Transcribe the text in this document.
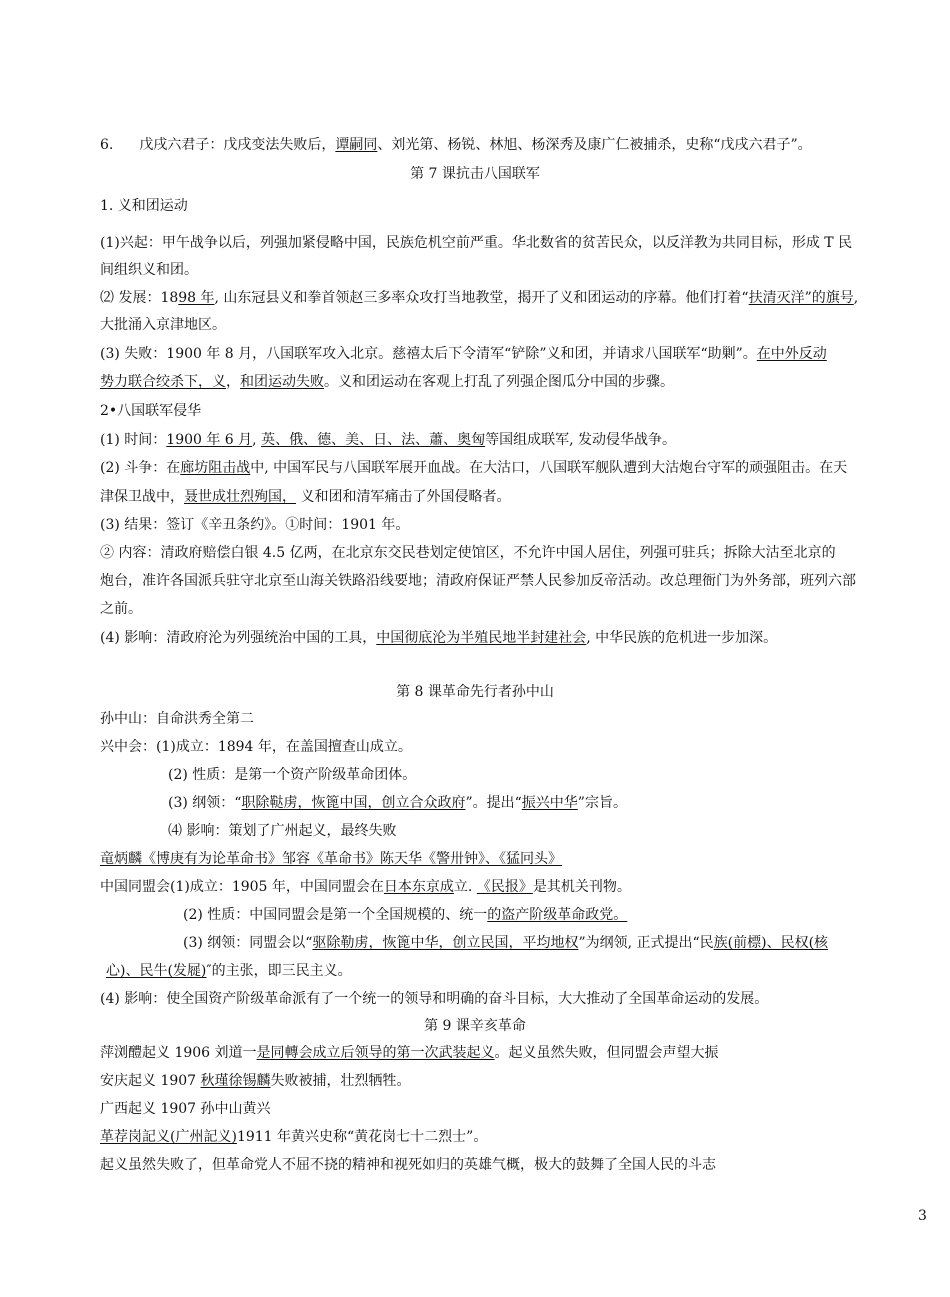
6. 戊戌六君子：戊戌变法失败后，谭嗣同、刘光第、杨锐、林旭、杨深秀及康广仁被捕杀，史称“戊戌六君子”。
第 7 课抗击八国联军
1. 义和团运动
(1)兴起：甲午战争以后，列强加紧侵略中国，民族危机空前严重。华北数省的贫苦民众，以反洋教为共同目标，形成 T 民
间组织义和团。
⑵ 发展：1898 年, 山东冠县义和拳首领赵三多率众攻打当地教堂，揭开了义和团运动的序幕。他们打着“扶清灭洋”的旗号,
大批涌入京津地区。
(3) 失败：1900 年 8 月，八国联军攻入北京。慈禧太后下令清军“铲除”义和团，并请求八国联军“助剿”。在中外反动
势力联合绞杀下，义，和团运动失败。义和团运动在客观上打乱了列强企图瓜分中国的步骤。
2•八国联军侵华
(1) 时间：1900 年 6 月, 英、俄、德、美、日、法、蕭、奥匈等国组成联军, 发动侵华战争。
(2) 斗争：在廊坊阻击战中, 中国军民与八国联军展开血战。在大沽口，八国联军舰队遭到大沽炮台守军的顽强阻击。在天
津保卫战中，聂世成壮烈殉国， 义和团和清军痛击了外国侵略者。
(3) 结果：签订《辛丑条约》。①时间：1901 年。
② 内容：清政府赔偿白银 4.5 亿两，在北京东交民巷划定使馆区，不允许中国人居住，列强可驻兵；拆除大沽至北京的
炮台，准许各国派兵驻守北京至山海关铁路沿线要地；清政府保证严禁人民参加反帝活动。改总理衙门为外务部，班列六部
之前。
(4) 影响：清政府沦为列强统治中国的工具，中国彻底沦为半殖民地半封建社会, 中华民族的危机进一步加深。
第 8 课革命先行者孙中山
孙中山：自命洪秀全第二
兴中会：(1)成立：1894 年，在盖国擅查山成立。
(2) 性质：是第一个资产阶级革命团体。
(3) 纲领：“职除鞑虏，恢篦中国，创立合众政府”。提出“振兴中华”宗旨。
⑷ 影响：策划了广州起义，最终失败
竜炳麟《博庚有为论革命书》邹容《革命书》陈天华《警卅钟》、《猛冋头》
中国同盟会(1)成立：1905 年，中国同盟会在日本东京成立. 《民报》是其机关刊物。
(2) 性质：中国同盟会是第一个全国规模的、统一的盗产阶级革命政党。
(3) 纲领：同盟会以“驱除勒虏，恢篦中华，创立民国，平均地权”为纲领, 正式提出“民族(前標)、民权(核
心)、民牛(发屣)″的主张，即三民主义。
(4) 影响：使全国资产阶级革命派有了一个统一的领导和明确的奋斗目标，大大推动了全国革命运动的发展。
第 9 课辛亥革命
萍浏醴起义 1906 刘道一是同轉会成立后领导的第一次武装起义。起义虽然失败，但同盟会声望大振
安庆起义 1907 秋瑾徐锡麟失败被捕，壮烈牺牲。
广西起义 1907 孙中山黄兴
革荐岗記义(广州記义)1911 年黄兴史称“黄花岗七十二烈士”。
起义虽然失败了，但革命党人不屈不挠的精神和视死如归的英雄气概，极大的鼓舞了全国人民的斗志
3
